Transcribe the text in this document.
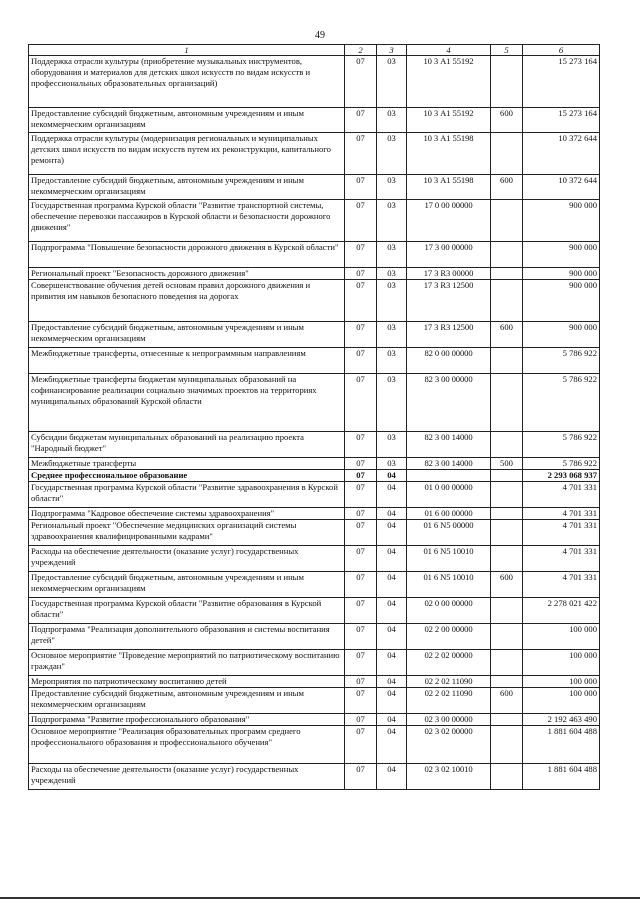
49
1	2	3	4	5	6
Поддержка отрасли культуры (приобретение музыкальных инструментов, оборудования и материалов для детских школ искусств по видам искусств и профессиональных образовательных организаций)	07	03	10 3 А1 55192		15 273 164
Предоставление субсидий бюджетным, автономным учреждениям и иным некоммерческим организациям	07	03	10 3 А1 55192	600	15 273 164
Поддержка отрасли культуры (модернизация региональных и муниципальных детских школ искусств по видам искусств путем их реконструкции, капитального ремонта)	07	03	10 3 А1 55198		10 372 644
Предоставление субсидий бюджетным, автономным учреждениям и иным некоммерческим организациям	07	03	10 3 А1 55198	600	10 372 644
Государственная программа Курской области "Развитие транспортной системы, обеспечение перевозки пассажиров в Курской области и безопасности дорожного движения"	07	03	17 0 00 00000		900 000
Подпрограмма "Повышение безопасности дорожного движения в Курской области"	07	03	17 3 00 00000		900 000
Региональный проект "Безопасность дорожного движения"	07	03	17 3 R3 00000		900 000
Совершенствование обучения детей основам правил дорожного движения и привития им навыков безопасного поведения на дорогах	07	03	17 3 R3 12500		900 000
Предоставление субсидий бюджетным, автономным учреждениям и иным некоммерческим организациям	07	03	17 3 R3 12500	600	900 000
Межбюджетные трансферты, отнесенные к непрограммным направлениям	07	03	82 0 00 00000		5 786 922
Межбюджетные трансферты бюджетам муниципальных образований на софинансирование реализации социально значимых проектов на территориях муниципальных образований Курской области	07	03	82 3 00 00000		5 786 922
Субсидии бюджетам муниципальных образований на реализацию проекта "Народный бюджет"	07	03	82 3 00 14000		5 786 922
Межбюджетные трансферты	07	03	82 3 00 14000	500	5 786 922
Среднее профессиональное образование	07	04			2 293 068 937
Государственная программа Курской области "Развитие здравоохранения в Курской области"	07	04	01 0 00 00000		4 701 331
Подпрограмма "Кадровое обеспечение системы здравоохранения"	07	04	01 6 00 00000		4 701 331
Региональный проект "Обеспечение медицинских организаций системы здравоохранения квалифицированными кадрами"	07	04	01 6 N5 00000		4 701 331
Расходы на обеспечение деятельности (оказание услуг) государственных учреждений	07	04	01 6 N5 10010		4 701 331
Предоставление субсидий бюджетным, автономным учреждениям и иным некоммерческим организациям	07	04	01 6 N5 10010	600	4 701 331
Государственная программа Курской области "Развитие образования в Курской области"	07	04	02 0 00 00000		2 278 021 422
Подпрограмма "Реализация дополнительного образования и системы воспитания детей"	07	04	02 2 00 00000		100 000
Основное мероприятие "Проведение мероприятий по патриотическому воспитанию граждан"	07	04	02 2 02 00000		100 000
Мероприятия по патриотическому воспитанию детей	07	04	02 2 02 11090		100 000
Предоставление субсидий бюджетным, автономным учреждениям и иным некоммерческим организациям	07	04	02 2 02 11090	600	100 000
Подпрограмма "Развитие профессионального образования"	07	04	02 3 00 00000		2 192 463 490
Основное мероприятие "Реализация образовательных программ среднего профессионального образования и профессионального обучения"	07	04	02 3 02 00000		1 881 604 488
Расходы на обеспечение деятельности (оказание услуг) государственных учреждений	07	04	02 3 02 10010		1 881 604 488
